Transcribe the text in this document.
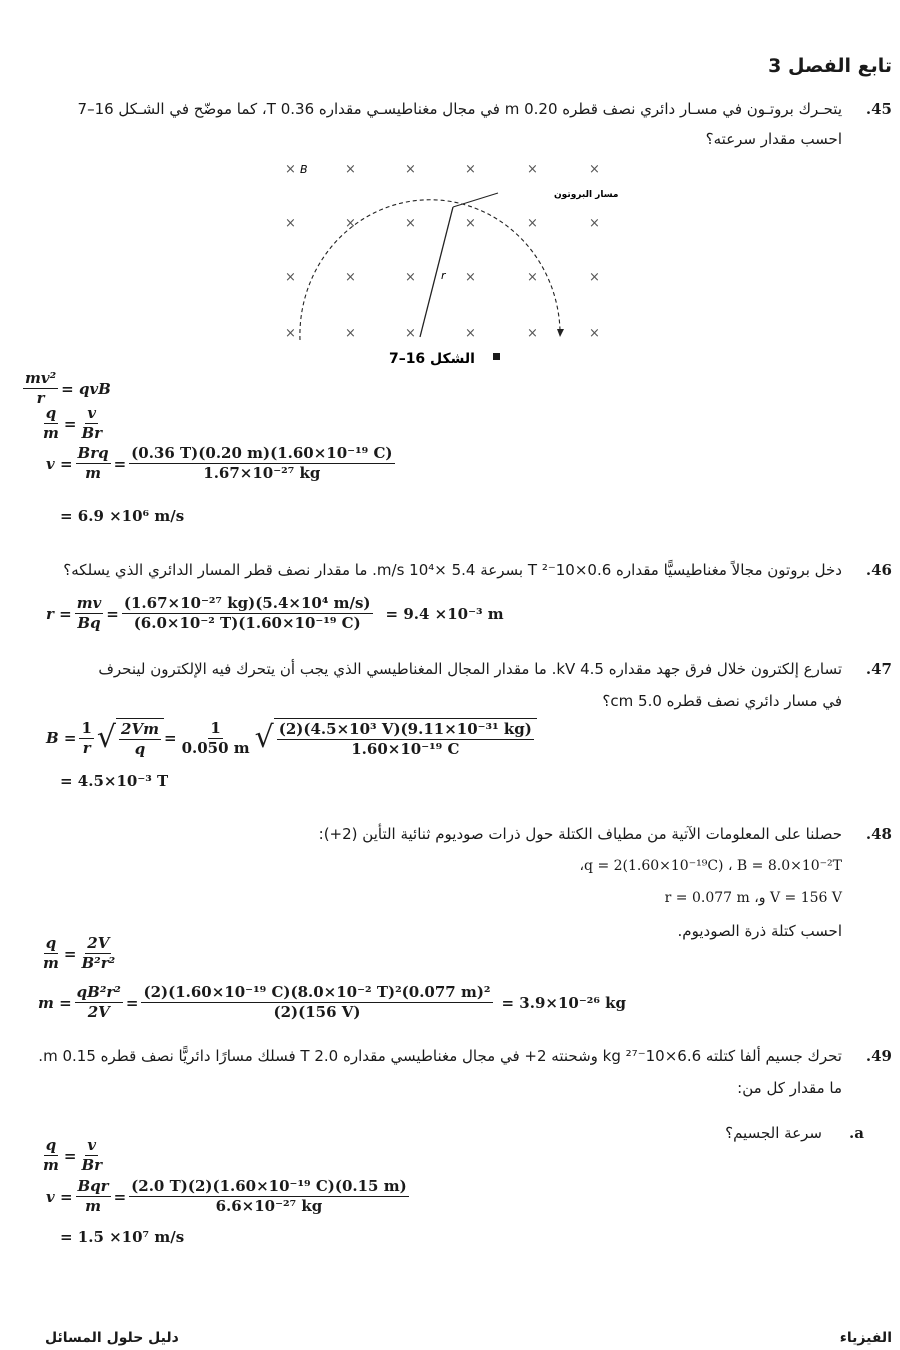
تابع الفصل 3
.45
يتحـرك بروتـون في مسـار دائري نصف قطره 0.20 m في مجال مغناطيسـي مقداره 0.36 T، كما موضّح في الشـكل 16–7
احسب مقدار سرعته؟
×	×	×	×	×	×
×	×	×	×	×	×
×	×	×	×	×	×
×	×	×	×	×	×
B
r
مسار البروتون
الشكل 16–7
$\frac{\text{mv²}}{r}$ = qvB
$\frac{q}{m} = \frac{v}{Br}$
$v = \frac{\text{Brq}}{m} = \frac{\text{(0.36 T)(0.20 m)(1.60×10⁻¹⁹ C)}}{\text{1.67×10⁻²⁷ kg}}$
= 6.9 ×10⁶ m/s
.46
دخل بروتون مجالاً مغناطيسيًّا مقداره 0.6×10⁻² T بسرعة 5.4 ×10⁴ m/s. ما مقدار نصف قطر المسار الدائري الذي يسلكه؟
$r = \frac{mv}{Bq} = \frac{\text{(1.67×10⁻²⁷ kg)(5.4×10⁴ m/s)}}{\text{(6.0×10⁻² T)(1.60×10⁻¹⁹ C)}} = 9.4 \times 10^{-3}$ m
.47
تسارع إلكترون خلال فرق جهد مقداره 4.5 kV. ما مقدار المجال المغناطيسي الذي يجب أن يتحرك فيه الإلكترون لينحرف
في مسار دائري نصف قطره 5.0 cm؟
$B = \frac{1}{r}$ √ $\frac{2Vm}{q} = \frac{1}{0.050 m}$ √ $\frac{\text{(2)(4.5×10³ V)(9.11×10⁻³¹ kg)}}{\text{1.60×10⁻¹⁹ C}}$
= 4.5×10⁻³ T
.48
حصلنا على المعلومات الآتية من مطياف الكتلة حول ذرات صوديوم ثنائية التأين (2+):
q = 2(1.60×10⁻¹⁹C) ، B = 8.0×10⁻²T،
V = 156 V و، r = 0.077 m
احسب كتلة ذرة الصوديوم.
$\frac{q}{m} = \frac{2V}{\text{B²r²}}$
$m = \frac{\text{qB²r²}}{2V} = \frac{\text{(2)(1.60×10⁻¹⁹ C)(8.0×10⁻² T)²(0.077 m)²}}{(2)(156 V)} = 3.9\times 10^{-26}$ kg
.49
تحرك جسيم ألفا كتلته 6.6×10⁻²⁷ kg وشحنته 2+ في مجال مغناطيسي مقداره 2.0 T فسلك مسارًا دائريًّا نصف قطره 0.15 m.
ما مقدار كل من:
.a
سرعة الجسيم؟
$\frac{q}{m} = \frac{v}{Br}$
$v = \frac{\text{Bqr}}{m} = \frac{\text{(2.0 T)(2)(1.60×10⁻¹⁹ C)(0.15 m)}}{\text{6.6×10⁻²⁷ kg}}$
= 1.5 ×10⁷ m/s
الفيزياء
دليل حلول المسائل
